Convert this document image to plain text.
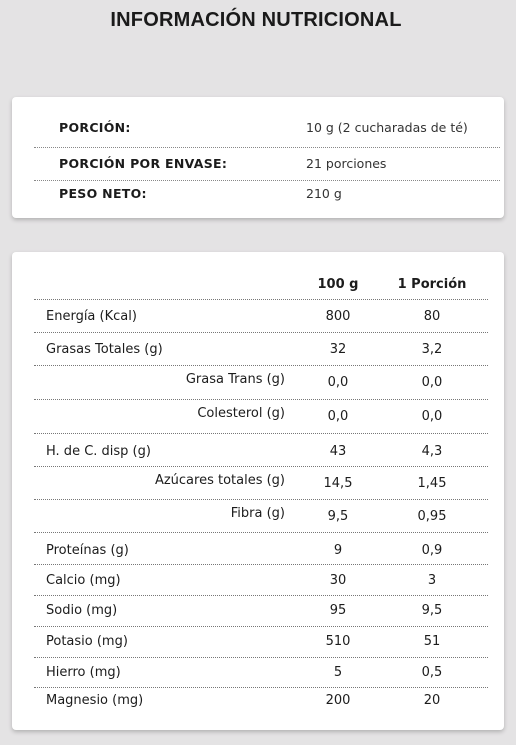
INFORMACIÓN NUTRICIONAL
PORCIÓN:	10 g (2 cucharadas de té)
PORCIÓN POR ENVASE:	21 porciones
PESO NETO:	210 g
100 g	1 Porción
Energía (Kcal)	800	80
Grasas Totales (g)	32	3,2
Grasa Trans (g)	0,0	0,0
Colesterol (g)	0,0	0,0
H. de C. disp (g)	43	4,3
Azúcares totales (g)	14,5	1,45
Fibra (g)	9,5	0,95
Proteínas (g)	9	0,9
Calcio (mg)	30	3
Sodio (mg)	95	9,5
Potasio (mg)	510	51
Hierro (mg)	5	0,5
Magnesio (mg)	200	20
